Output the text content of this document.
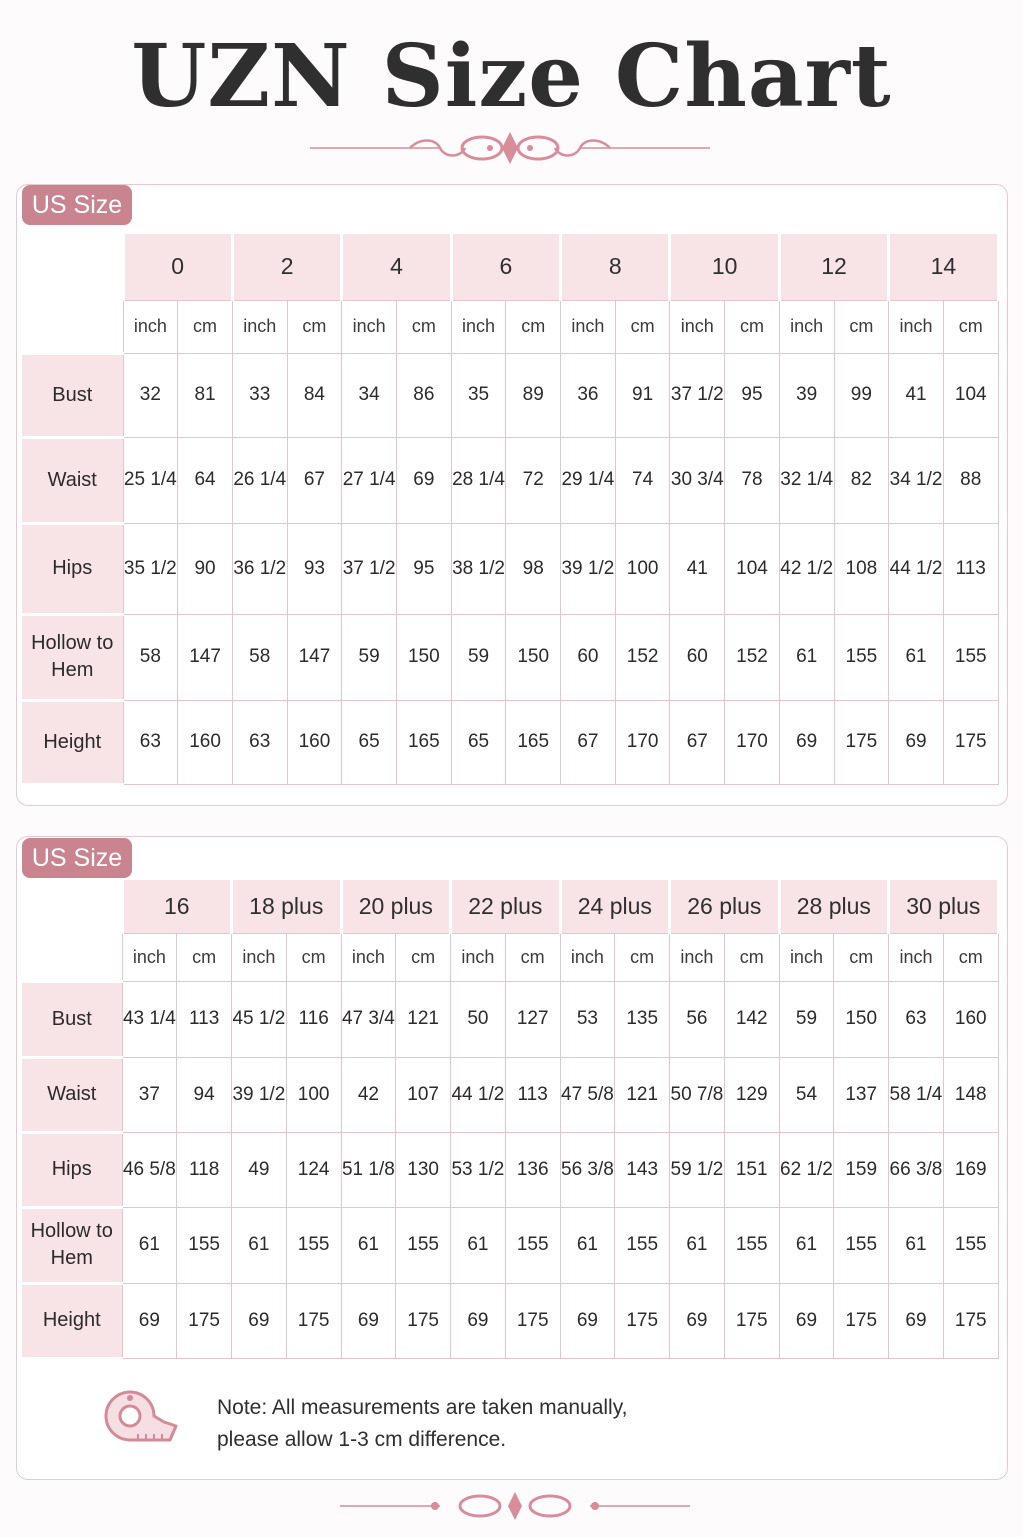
UZN Size Chart
US Size
	0		2		4		6		8		10		12		14	
	inch	cm	inch	cm	inch	cm	inch	cm	inch	cm	inch	cm	inch	cm	inch	cm
Bust	32	81	33	84	34	86	35	89	36	91	37 1/2	95	39	99	41	104
Waist	25 1/4	64	26 1/4	67	27 1/4	69	28 1/4	72	29 1/4	74	30 3/4	78	32 1/4	82	34 1/2	88
Hips	35 1/2	90	36 1/2	93	37 1/2	95	38 1/2	98	39 1/2	100	41	104	42 1/2	108	44 1/2	113
Hollow to Hem	58	147	58	147	59	150	59	150	60	152	60	152	61	155	61	155
Height	63	160	63	160	65	165	65	165	67	170	67	170	69	175	69	175
US Size
	16		18 plus		20 plus		22 plus		24 plus		26 plus		28 plus		30 plus	
	inch	cm	inch	cm	inch	cm	inch	cm	inch	cm	inch	cm	inch	cm	inch	cm
Bust	43 1/4	113	45 1/2	116	47 3/4	121	50	127	53	135	56	142	59	150	63	160
Waist	37	94	39 1/2	100	42	107	44 1/2	113	47 5/8	121	50 7/8	129	54	137	58 1/4	148
Hips	46 5/8	118	49	124	51 1/8	130	53 1/2	136	56 3/8	143	59 1/2	151	62 1/2	159	66 3/8	169
Hollow to Hem	61	155	61	155	61	155	61	155	61	155	61	155	61	155	61	155
Height	69	175	69	175	69	175	69	175	69	175	69	175	69	175	69	175
Note: All measurements are taken manually,
please allow 1-3 cm difference.
